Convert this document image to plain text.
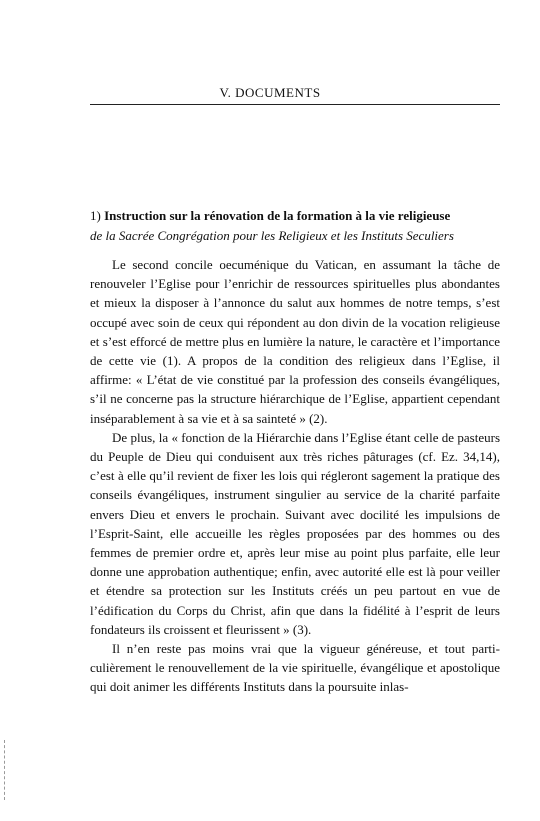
V. DOCUMENTS
1) Instruction sur la rénovation de la formation à la vie religieuse
de la Sacrée Congrégation pour les Religieux et les Instituts Seculiers

Le second concile oecuménique du Vatican, en assumant la tâche de renouveler l’Eglise pour l’enrichir de ressources spirituelles plus abondantes et mieux la disposer à l’annonce du salut aux hommes de notre temps, s’est occupé avec soin de ceux qui répondent au don divin de la vocation religieuse et s’est efforcé de mettre plus en lumière la nature, le caractère et l’importance de cette vie (1). A propos de la condition des religieux dans l’Eglise, il affirme: « L’état de vie constitué par la profession des conseils évangéliques, s’il ne concerne pas la structure hiérarchique de l’Eglise, appartient cependant inséparablement à sa vie et à sa sainteté » (2).

De plus, la « fonction de la Hiérarchie dans l’Eglise étant celle de pasteurs du Peuple de Dieu qui conduisent aux très riches pâturages (cf. Ez. 34,14), c’est à elle qu’il revient de fixer les lois qui régleront sagement la pratique des conseils évangéliques, instrument singulier au service de la charité parfaite envers Dieu et envers le prochain. Suivant avec docilité les impulsions de l’Esprit-Saint, elle accueille les règles proposées par des hommes ou des femmes de premier ordre et, après leur mise au point plus parfaite, elle leur donne une approbation authentique; enfin, avec autorité elle est là pour veiller et étendre sa protection sur les Instituts créés un peu partout en vue de l’édification du Corps du Christ, afin que dans la fidélité à l’esprit de leurs fondateurs ils croissent et fleurissent » (3).

Il n’en reste pas moins vrai que la vigueur généreuse, et tout particulièrement le renouvellement de la vie spirituelle, évangélique et apostolique qui doit animer les différents Instituts dans la poursuite inlas-
